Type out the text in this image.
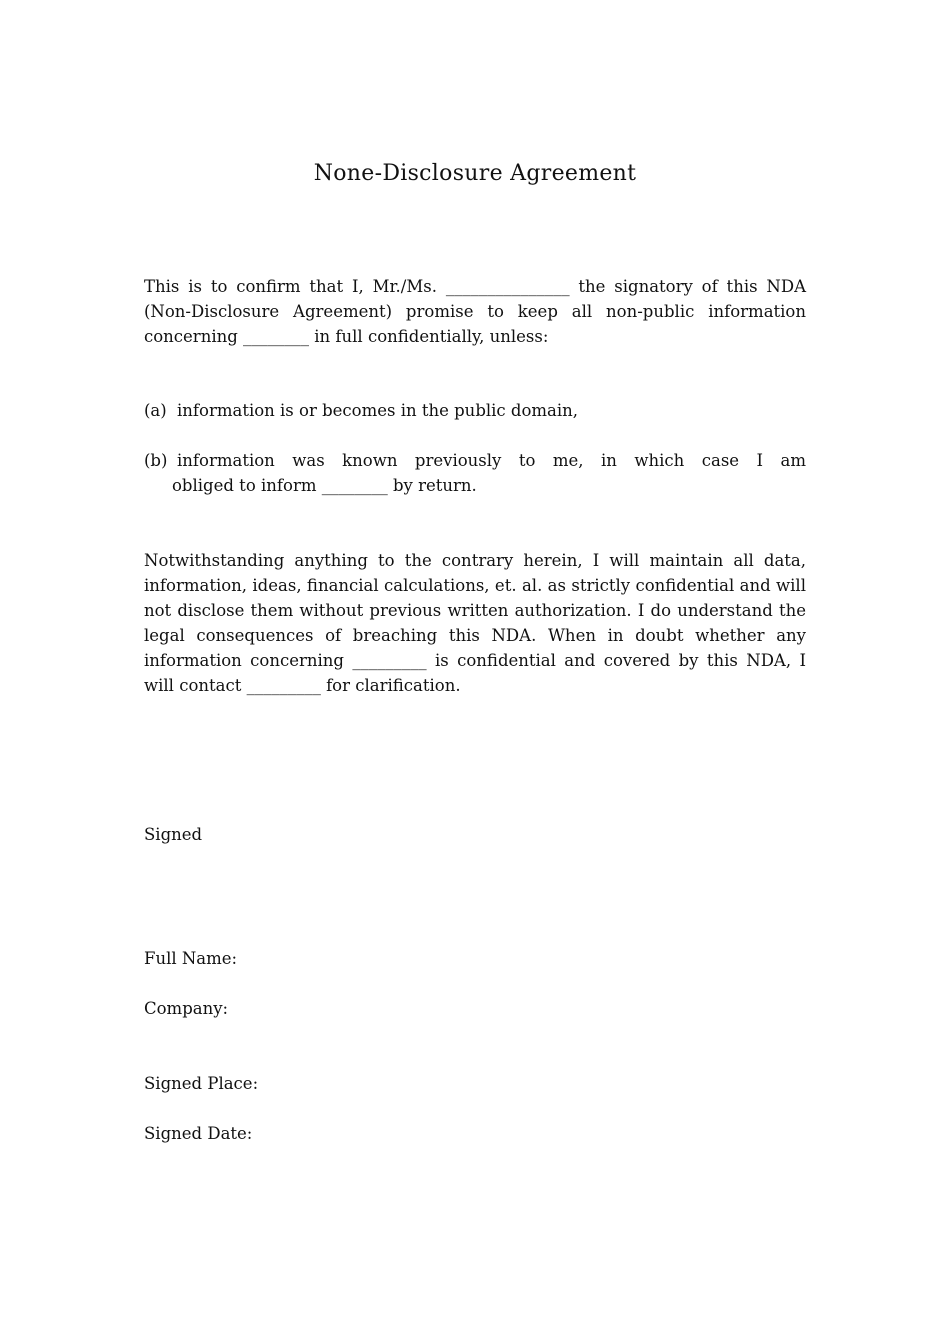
None-Disclosure Agreement

This is to confirm that I, Mr./Ms. _______________ the signatory of this NDA (Non-Disclosure Agreement) promise to keep all non-public information concerning ________ in full confidentially, unless:

(a) information is or becomes in the public domain,
(b) information was known previously to me, in which case I am
obliged to inform ________ by return.

Notwithstanding anything to the contrary herein, I will maintain all data, information, ideas, financial calculations, et. al. as strictly confidential and will not disclose them without previous written authorization. I do understand the legal consequences of breaching this NDA. When in doubt whether any information concerning _________ is confidential and covered by this NDA, I will contact _________ for clarification.

Signed

Full Name:

Company:

Signed Place:

Signed Date:
